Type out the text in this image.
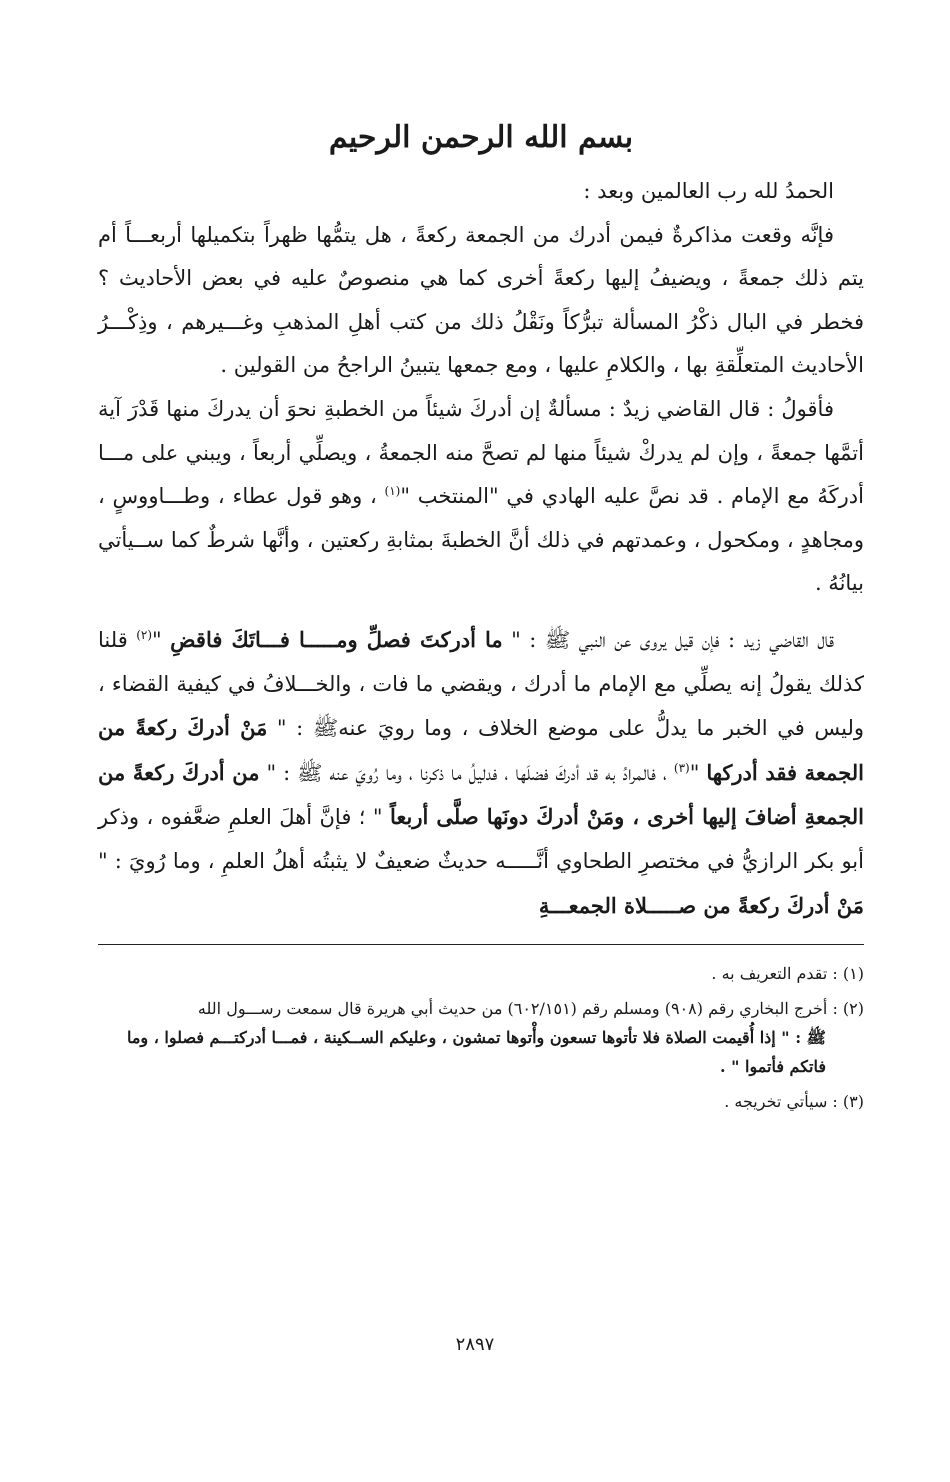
بسم الله الرحمن الرحيم

الحمدُ لله رب العالمين وبعد :

فإنَّه وقعت مذاكرةٌ فيمن أدرك من الجمعة ركعةً ، هل يتمُّها ظهراً بتكميلها أربعـــاً أم يتم ذلك جمعةً ، ويضيفُ إليها ركعةً أخرى كما هي منصوصٌ عليه في بعض الأحاديث ؟ فخطر في البال ذكْرُ المسألة تبرُّكاً ونَقْلُ ذلك من كتب أهلِ المذهبِ وغـــيرهم ، وذِكْـــرُ الأحاديث المتعلِّقةِ بها ، والكلامِ عليها ، ومع جمعها يتبينُ الراجحُ من القولين .

فأقولُ : قال القاضي زيدٌ : مسألةٌ إن أدركَ شيئاً من الخطبةِ نحوَ أن يدركَ منها قَدْرَ آية أتمَّها جمعةً ، وإن لم يدركْ شيئاً منها لم تصحَّ منه الجمعةُ ، ويصلِّي أربعاً ، ويبني على مـــا أدركَهُ مع الإمام . قد نصَّ عليه الهادي في "المنتخب "$^{(١)}$ ، وهو قول عطاء ، وطـــاووسٍ ، ومجاهدٍ ، ومكحول ، وعمدتهم في ذلك أنَّ الخطبةَ بمثابةِ ركعتين ، وأنَّها شرطٌ كما ســيأتي بيانُهُ .

قال القاضي زيد : فإن قيل يروى عن النبي ﷺ : " ما أدركتَ فصلِّ ومـــــا فـــاتَكَ فاقضِ "$^{(٢)}$ قلنا كذلك يقولُ إنه يصلِّي مع الإمام ما أدرك ، ويقضي ما فات ، والخـــلافُ في كيفية القضاء ، وليس في الخبر ما يدلُّ على موضع الخلاف ، وما رويَ عنهﷺ : " مَنْ أدركَ ركعةً من الجمعة فقد أدركها "$^{(٣)}$ ، فالمرادُ به قد أدركَ فضلَها ، فدليلُ ما ذكرنا ، وما رُويَ عنه ﷺ : " من أدركَ ركعةً من الجمعةِ أضافَ إليها أخرى ، ومَنْ أدركَ دونَها صلَّى أربعاً " ؛ فإنَّ أهلَ العلمِ ضعَّفوه ، وذكر أبو بكر الرازيُّ في مختصرِ الطحاوي أنَّـــــه حديثٌ ضعيفٌ لا يثبتُه أهلُ العلمِ ، وما رُويَ : " مَنْ أدركَ ركعةً من صـــــلاة الجمعـــةِ

(١) : تقدم التعريف به .

(٢) : أخرج البخاري رقم (٩٠٨) ومسلم رقم (٦٠٢/١٥١) من حديث أبي هريرة قال سمعت رســـول الله

ﷺ : " إذا أُقيمت الصلاة فلا تأتوها تسعون وأْتوها تمشون ، وعليكم الســكينة ، فمـــا أدركتـــم فصلوا ، وما فاتكم فأتموا " .

(٣) : سيأتي تخريجه .

٢٨٩٧
